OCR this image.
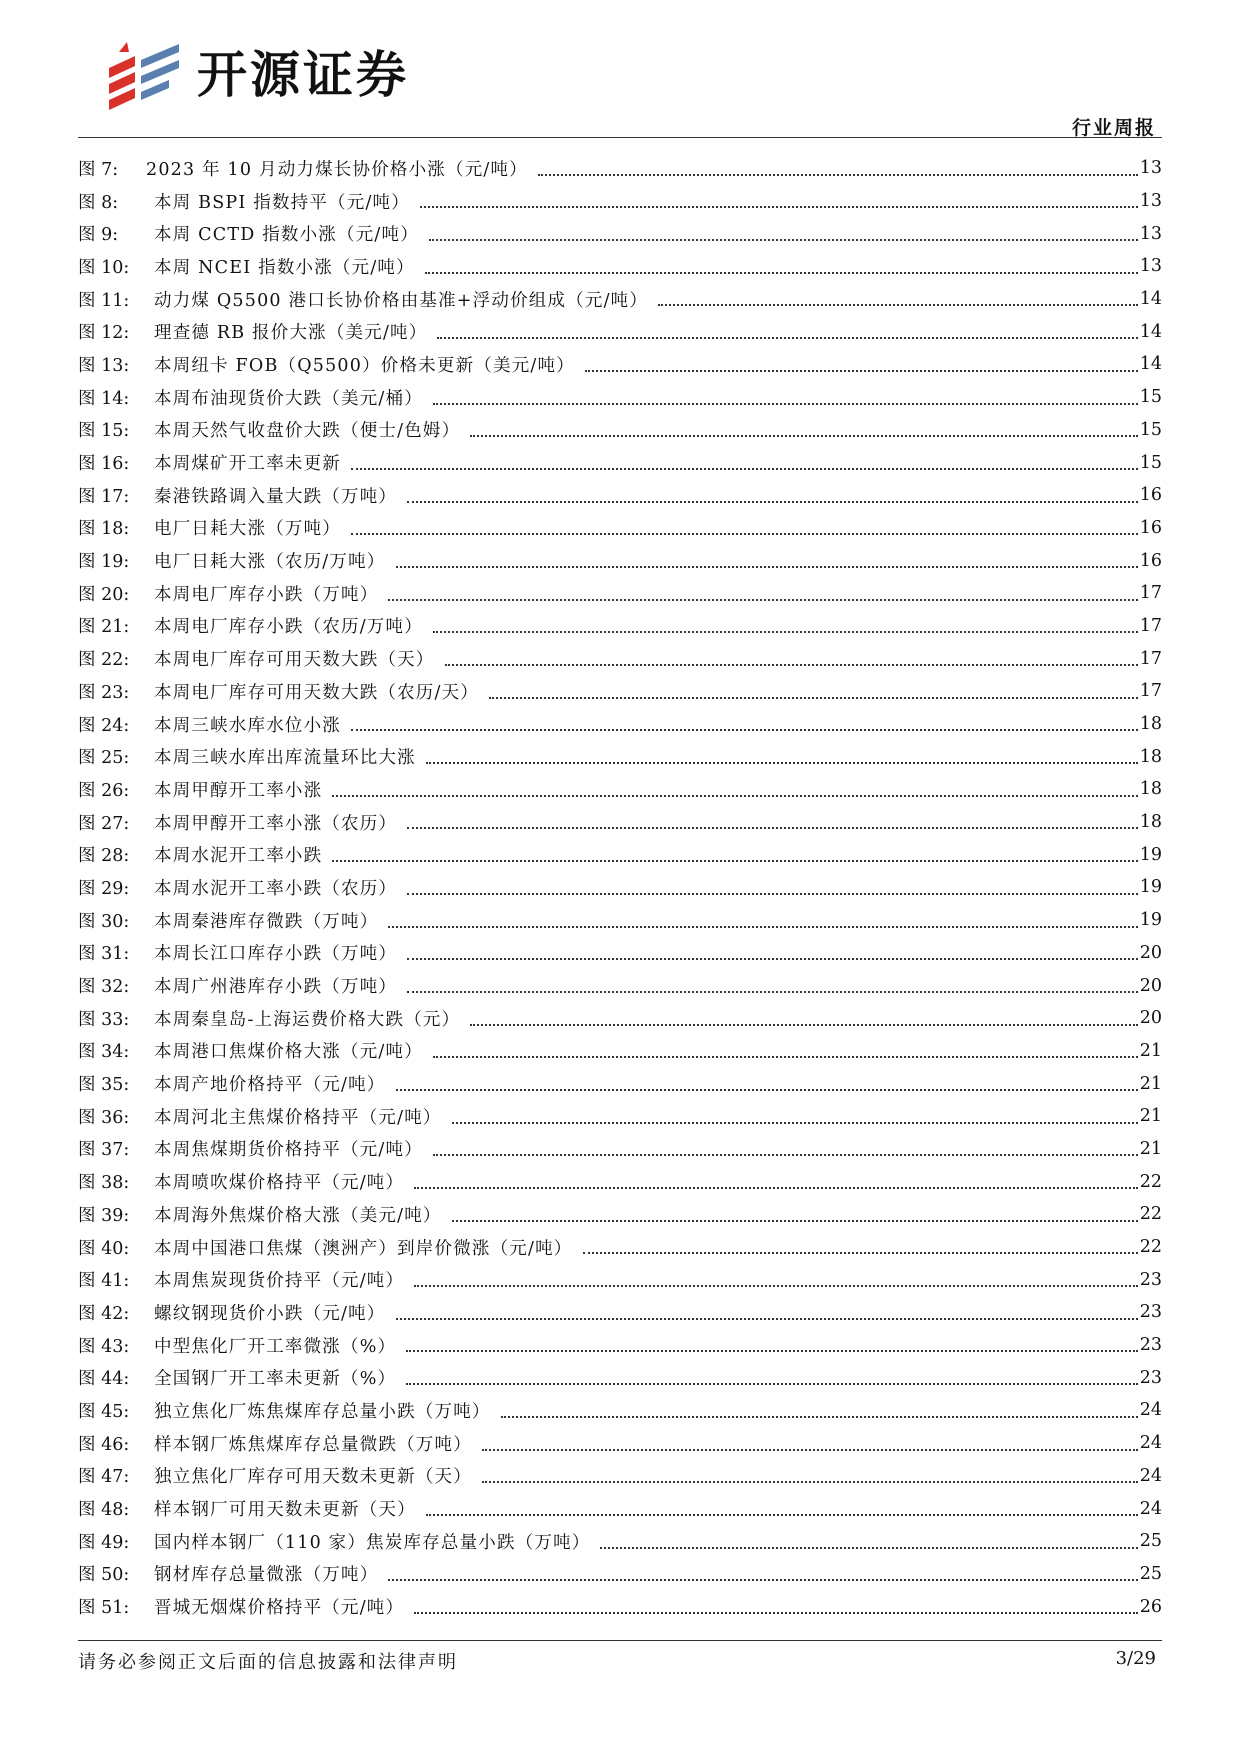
开源证券
行业周报
图 7:	2023 年 10 月动力煤长协价格小涨（元/吨）	13
图 8:	本周 BSPI 指数持平（元/吨）	13
图 9:	本周 CCTD 指数小涨（元/吨）	13
图 10:	本周 NCEI 指数小涨（元/吨）	13
图 11:	动力煤 Q5500 港口长协价格由基准+浮动价组成（元/吨）	14
图 12:	理查德 RB 报价大涨（美元/吨）	14
图 13:	本周纽卡 FOB（Q5500）价格未更新（美元/吨）	14
图 14:	本周布油现货价大跌（美元/桶）	15
图 15:	本周天然气收盘价大跌（便士/色姆）	15
图 16:	本周煤矿开工率未更新	15
图 17:	秦港铁路调入量大跌（万吨）	16
图 18:	电厂日耗大涨（万吨）	16
图 19:	电厂日耗大涨（农历/万吨）	16
图 20:	本周电厂库存小跌（万吨）	17
图 21:	本周电厂库存小跌（农历/万吨）	17
图 22:	本周电厂库存可用天数大跌（天）	17
图 23:	本周电厂库存可用天数大跌（农历/天）	17
图 24:	本周三峡水库水位小涨	18
图 25:	本周三峡水库出库流量环比大涨	18
图 26:	本周甲醇开工率小涨	18
图 27:	本周甲醇开工率小涨（农历）	18
图 28:	本周水泥开工率小跌	19
图 29:	本周水泥开工率小跌（农历）	19
图 30:	本周秦港库存微跌（万吨）	19
图 31:	本周长江口库存小跌（万吨）	20
图 32:	本周广州港库存小跌（万吨）	20
图 33:	本周秦皇岛-上海运费价格大跌（元）	20
图 34:	本周港口焦煤价格大涨（元/吨）	21
图 35:	本周产地价格持平（元/吨）	21
图 36:	本周河北主焦煤价格持平（元/吨）	21
图 37:	本周焦煤期货价格持平（元/吨）	21
图 38:	本周喷吹煤价格持平（元/吨）	22
图 39:	本周海外焦煤价格大涨（美元/吨）	22
图 40:	本周中国港口焦煤（澳洲产）到岸价微涨（元/吨）	22
图 41:	本周焦炭现货价持平（元/吨）	23
图 42:	螺纹钢现货价小跌（元/吨）	23
图 43:	中型焦化厂开工率微涨（%）	23
图 44:	全国钢厂开工率未更新（%）	23
图 45:	独立焦化厂炼焦煤库存总量小跌（万吨）	24
图 46:	样本钢厂炼焦煤库存总量微跌（万吨）	24
图 47:	独立焦化厂库存可用天数未更新（天）	24
图 48:	样本钢厂可用天数未更新（天）	24
图 49:	国内样本钢厂（110 家）焦炭库存总量小跌（万吨）	25
图 50:	钢材库存总量微涨（万吨）	25
图 51:	晋城无烟煤价格持平（元/吨）	26
请务必参阅正文后面的信息披露和法律声明	3/29
